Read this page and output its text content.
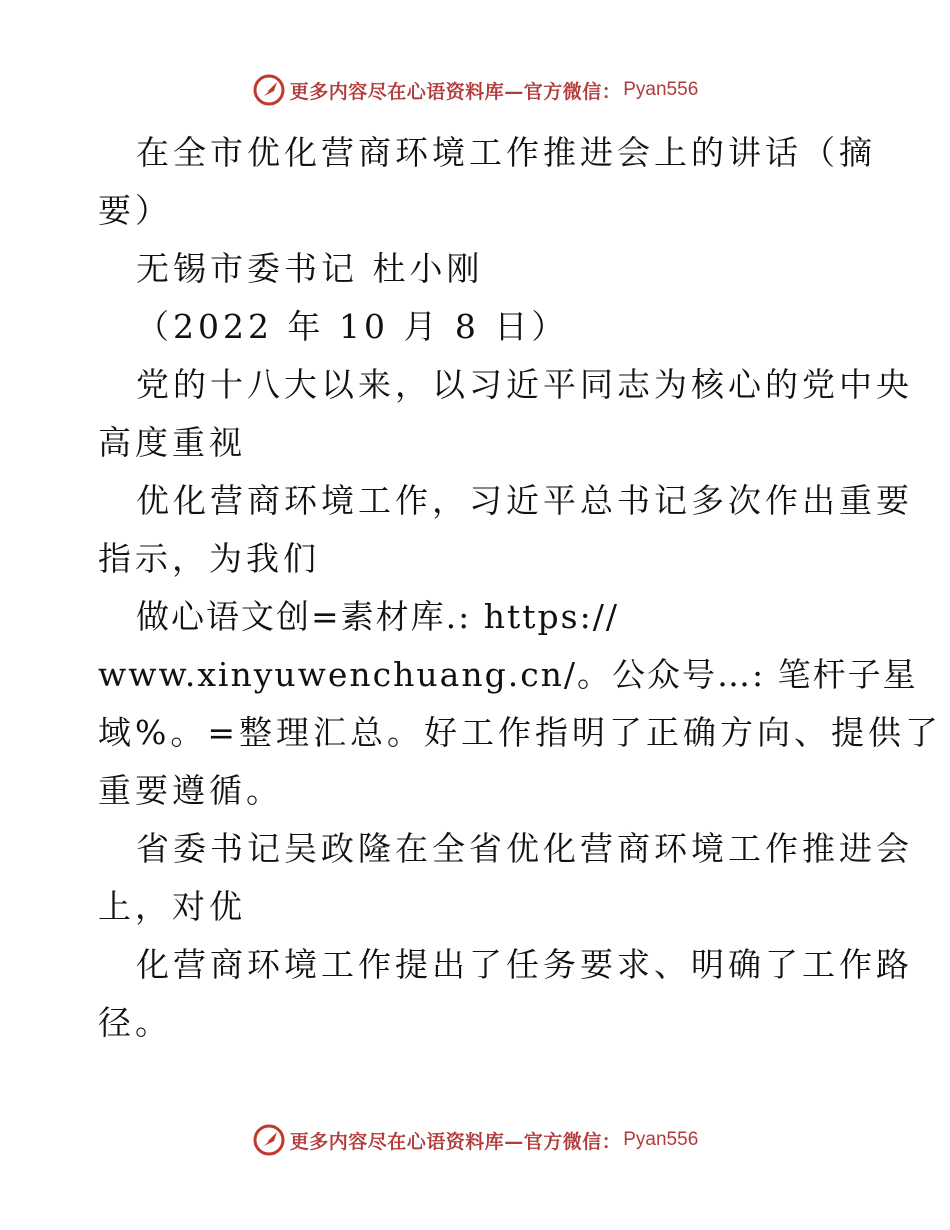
更多内容尽在心语资料库—官方微信： Pyan556
在全市优化营商环境工作推进会上的讲话（摘
要）
无锡市委书记 杜小刚
（2022 年 10 月 8 日）
党的十八大以来，以习近平同志为核心的党中央
高度重视
优化营商环境工作，习近平总书记多次作出重要
指示，为我们
做心语文创=素材库.: https://
www.xinyuwenchuang.cn/。公众号…: 笔杆子星
域%。=整理汇总。好工作指明了正确方向、提供了
重要遵循。
省委书记吴政隆在全省优化营商环境工作推进会
上，对优
化营商环境工作提出了任务要求、明确了工作路
径。
更多内容尽在心语资料库—官方微信： Pyan556
